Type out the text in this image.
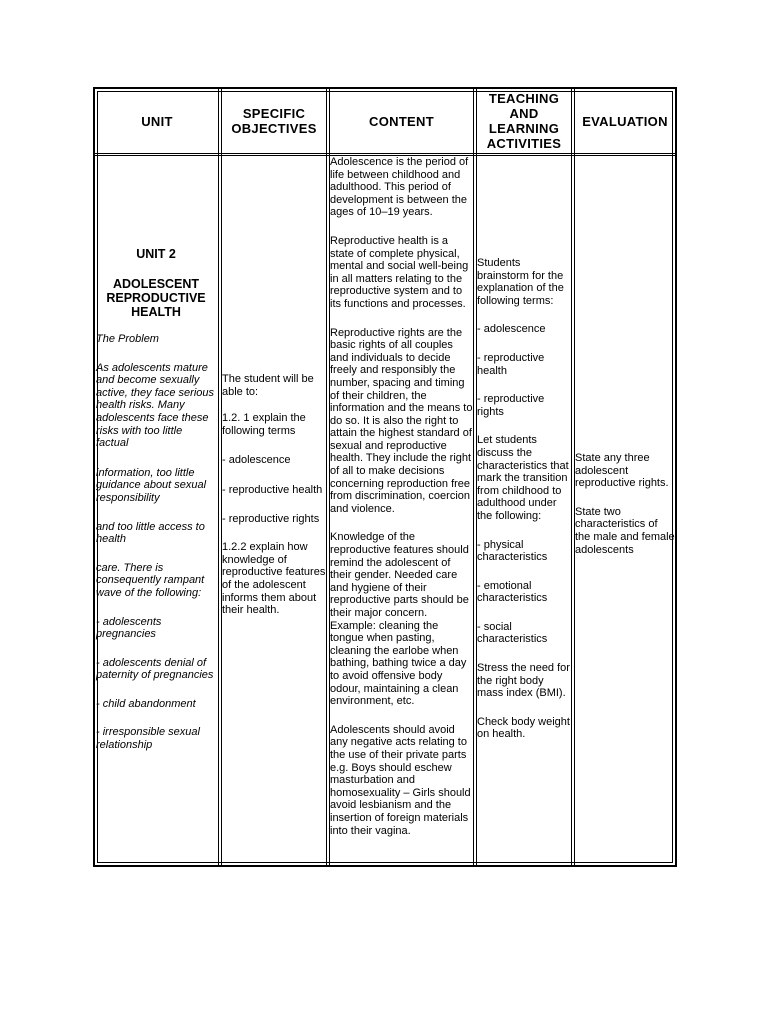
UNIT	SPECIFIC OBJECTIVES	CONTENT
TEACHING AND LEARNING ACTIVITIES
EVALUATION
UNIT 2
ADOLESCENT REPRODUCTIVE HEALTH

The Problem

As adolescents mature and become sexually active, they face serious health risks. Many adolescents face these risks with too little factual

information, too little guidance about sexual responsibility

and too little access to health

care. There is consequently rampant wave of the following:

- adolescents pregnancies

- adolescents denial of paternity of pregnancies

- child abandonment

- irresponsible sexual relationship

The student will be able to:

1.2. 1 explain the following terms

- adolescence

- reproductive health

- reproductive rights

1.2.2 explain how knowledge of reproductive features of the adolescent informs them about their health.

Adolescence is the period of life between childhood and adulthood. This period of development is between the ages of 10–19 years.

Reproductive health is a state of complete physical, mental and social well-being in all matters relating to the reproductive system and to its functions and processes.

Reproductive rights are the basic rights of all couples and individuals to decide freely and responsibly the number, spacing and timing of their children, the information and the means to do so. It is also the right to attain the highest standard of sexual and reproductive health. They include the right of all to make decisions concerning reproduction free from discrimination, coercion and violence.

Knowledge of the reproductive features should remind the adolescent of their gender. Needed care and hygiene of their reproductive parts should be their major concern. Example: cleaning the tongue when pasting, cleaning the earlobe when bathing, bathing twice a day to avoid offensive body odour, maintaining a clean environment, etc.

Adolescents should avoid any negative acts relating to the use of their private parts e.g. Boys should eschew masturbation and homosexuality – Girls should avoid lesbianism and the insertion of foreign materials into their vagina.

Students brainstorm for the explanation of the following terms:

- adolescence

- reproductive health

- reproductive rights

Let students discuss the characteristics that mark the transition from childhood to adulthood under the following:

- physical characteristics

- emotional characteristics

- social characteristics

Stress the need for the right body mass index (BMI).

Check body weight on health.

State any three adolescent reproductive rights.

State two characteristics of the male and female adolescents
